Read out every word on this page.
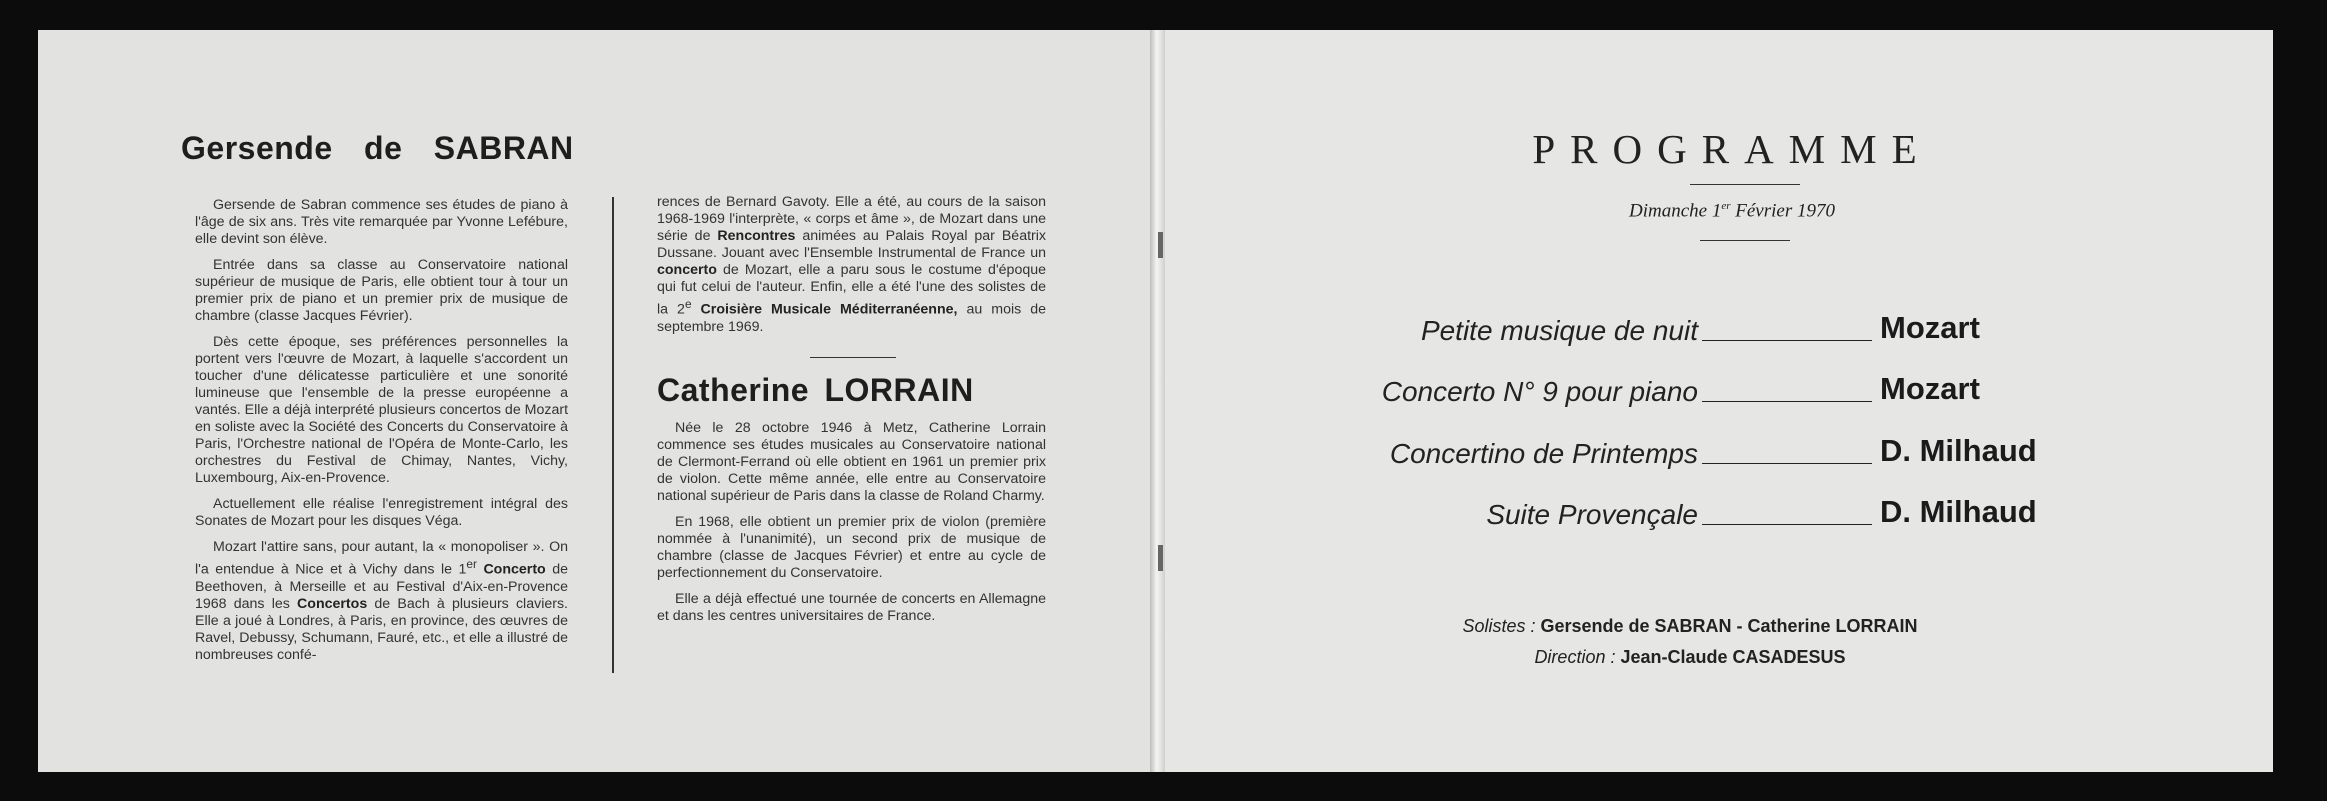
Gersende de SABRAN

Gersende de Sabran commence ses études de piano à l'âge de six ans. Très vite remarquée par Yvonne Lefébure, elle devint son élève.

Entrée dans sa classe au Conservatoire national supérieur de musique de Paris, elle obtient tour à tour un premier prix de piano et un premier prix de musique de chambre (classe Jacques Février).

Dès cette époque, ses préférences personnelles la portent vers l'œuvre de Mozart, à laquelle s'accordent un toucher d'une délicatesse particulière et une sonorité lumineuse que l'ensemble de la presse européenne a vantés. Elle a déjà interprété plusieurs concertos de Mozart en soliste avec la Société des Concerts du Conservatoire à Paris, l'Orchestre national de l'Opéra de Monte-Carlo, les orchestres du Festival de Chimay, Nantes, Vichy, Luxembourg, Aix-en-Provence.

Actuellement elle réalise l'enregistrement intégral des Sonates de Mozart pour les disques Véga.

Mozart l'attire sans, pour autant, la « monopoliser ». On l'a entendue à Nice et à Vichy dans le 1er Concerto de Beethoven, à Merseille et au Festival d'Aix-en-Provence 1968 dans les Concertos de Bach à plusieurs claviers. Elle a joué à Londres, à Paris, en province, des œuvres de Ravel, Debussy, Schumann, Fauré, etc., et elle a illustré de nombreuses confé-

rences de Bernard Gavoty. Elle a été, au cours de la saison 1968-1969 l'interprète, « corps et âme », de Mozart dans une série de Rencontres animées au Palais Royal par Béatrix Dussane. Jouant avec l'Ensemble Instrumental de France un concerto de Mozart, elle a paru sous le costume d'époque qui fut celui de l'auteur. Enfin, elle a été l'une des solistes de la 2e Croisière Musicale Méditerranéenne, au mois de septembre 1969.

Catherine LORRAIN

Née le 28 octobre 1946 à Metz, Catherine Lorrain commence ses études musicales au Conservatoire national de Clermont-Ferrand où elle obtient en 1961 un premier prix de violon. Cette même année, elle entre au Conservatoire national supérieur de Paris dans la classe de Roland Charmy.

En 1968, elle obtient un premier prix de violon (première nommée à l'unanimité), un second prix de musique de chambre (classe de Jacques Février) et entre au cycle de perfectionnement du Conservatoire.

Elle a déjà effectué une tournée de concerts en Allemagne et dans les centres universitaires de France.

PROGRAMME
Dimanche 1er Février 1970
Petite musique de nuit	Mozart
Concerto N° 9 pour piano	Mozart
Concertino de Printemps	D. Milhaud
Suite Provençale	D. Milhaud
Solistes : Gersende de SABRAN - Catherine LORRAIN
Direction : Jean-Claude CASADESUS
